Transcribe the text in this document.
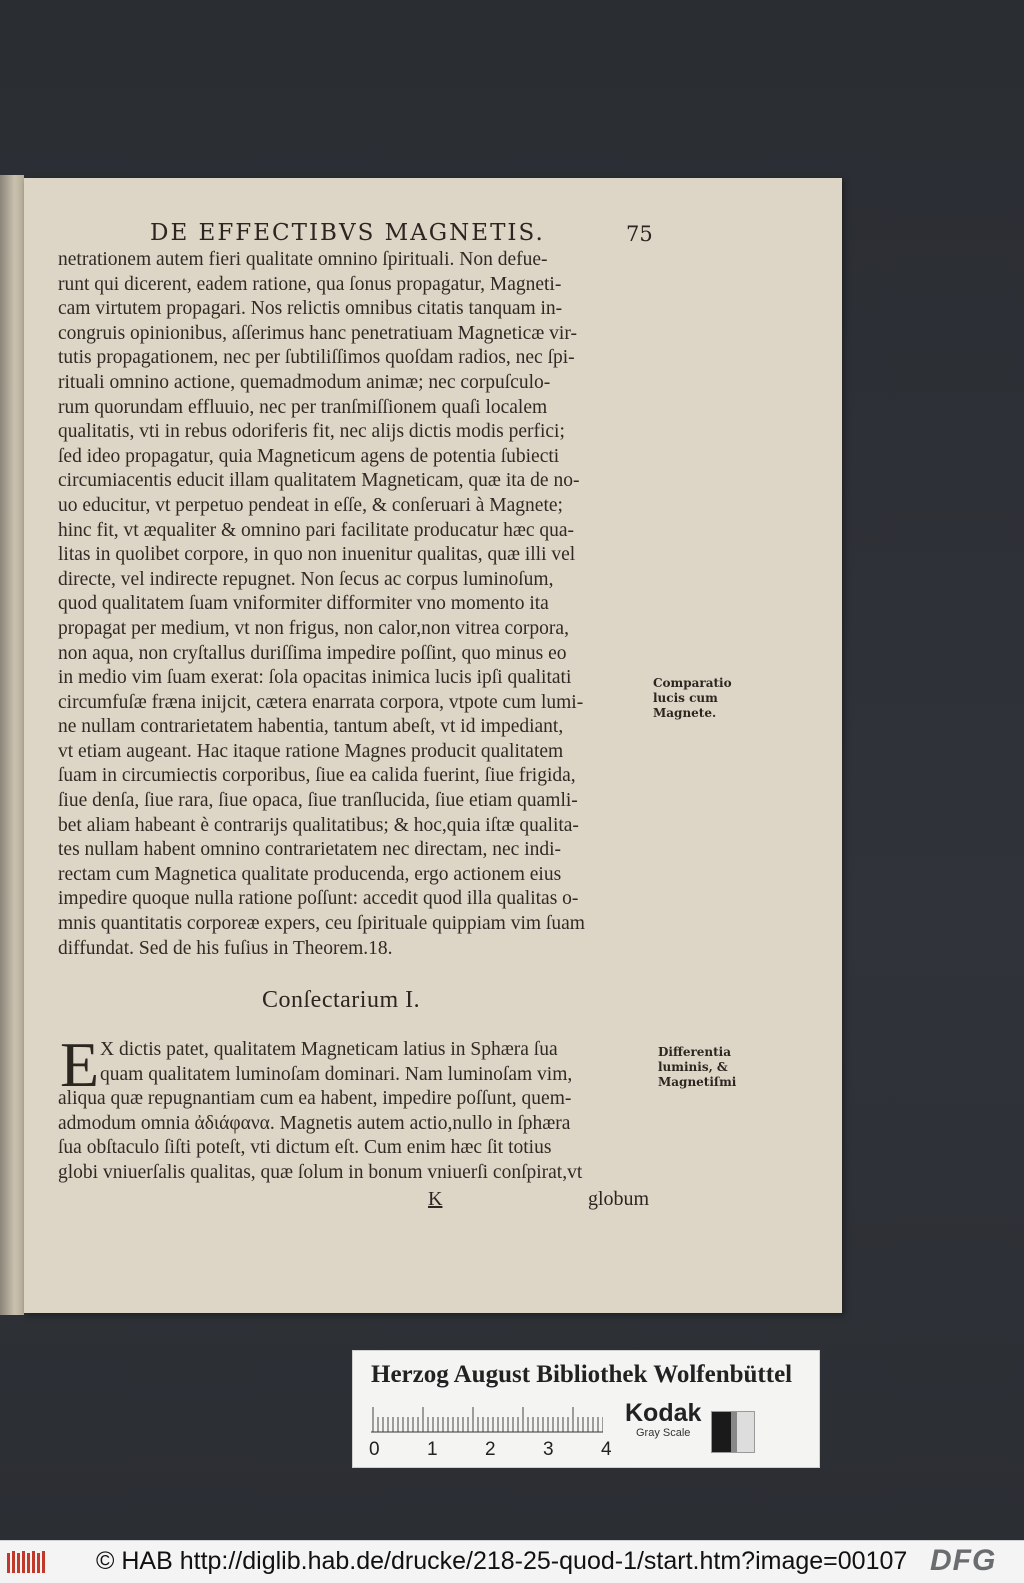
DE EFFECTIBVS MAGNETIS.	75
netrationem autem fieri qualitate omnino ſpirituali. Non defue-
runt qui dicerent, eadem ratione, qua ſonus propagatur, Magneti-
cam virtutem propagari. Nos relictis omnibus citatis tanquam in-
congruis opinionibus, aſſerimus hanc penetratiuam Magneticæ vir-
tutis propagationem, nec per ſubtiliſſimos quoſdam radios, nec ſpi-
rituali omnino actione, quemadmodum animæ; nec corpuſculo-
rum quorundam effluuio, nec per tranſmiſſionem quaſi localem
qualitatis, vti in rebus odoriferis fit, nec alijs dictis modis perfici;
ſed ideo propagatur, quia Magneticum agens de potentia ſubiecti
circumiacentis educit illam qualitatem Magneticam, quæ ita de no-
uo educitur, vt perpetuo pendeat in eſſe, & conſeruari à Magnete;
hinc fit, vt æqualiter & omnino pari facilitate producatur hæc qua-
litas in quolibet corpore, in quo non inuenitur qualitas, quæ illi vel
directe, vel indirecte repugnet. Non ſecus ac corpus luminoſum,
quod qualitatem ſuam vniformiter difformiter vno momento ita
propagat per medium, vt non frigus, non calor,non vitrea corpora,
non aqua, non cryſtallus duriſſima impedire poſſint, quo minus eo
in medio vim ſuam exerat: ſola opacitas inimica lucis ipſi qualitati
circumfuſæ fræna inijcit, cætera enarrata corpora, vtpote cum lumi-
ne nullam contrarietatem habentia, tantum abeſt, vt id impediant,
vt etiam augeant. Hac itaque ratione Magnes producit qualitatem
ſuam in circumiectis corporibus, ſiue ea calida fuerint, ſiue frigida,
ſiue denſa, ſiue rara, ſiue opaca, ſiue tranſlucida, ſiue etiam quamli-
bet aliam habeant è contrarijs qualitatibus; & hoc,quia iſtæ qualita-
tes nullam habent omnino contrarietatem nec directam, nec indi-
rectam cum Magnetica qualitate producenda, ergo actionem eius
impedire quoque nulla ratione poſſunt: accedit quod illa qualitas o-
mnis quantitatis corporeæ expers, ceu ſpirituale quippiam vim ſuam
diffundat. Sed de his fuſius in Theorem.18.
Conſectarium I.
E X dictis patet, qualitatem Magneticam latius in Sphæra ſua
quam qualitatem luminoſam dominari. Nam luminoſam vim,
aliqua quæ repugnantiam cum ea habent, impedire poſſunt, quem-
admodum omnia ἀδιάφανα. Magnetis autem actio,nullo in ſphæra
ſua obſtaculo ſiſti poteſt, vti dictum eſt. Cum enim hæc ſit totius
globi vniuerſalis qualitas, quæ ſolum in bonum vniuerſi conſpirat,vt
K	globum
Comparatio
lucis cum
Magnete.
Differentia
luminis, &
Magnetiſmi
Herzog August Bibliothek Wolfenbüttel
0 1 2 3 4
Kodak
Gray Scale
© HAB http://diglib.hab.de/drucke/218-25-quod-1/start.htm?image=00107 DFG
